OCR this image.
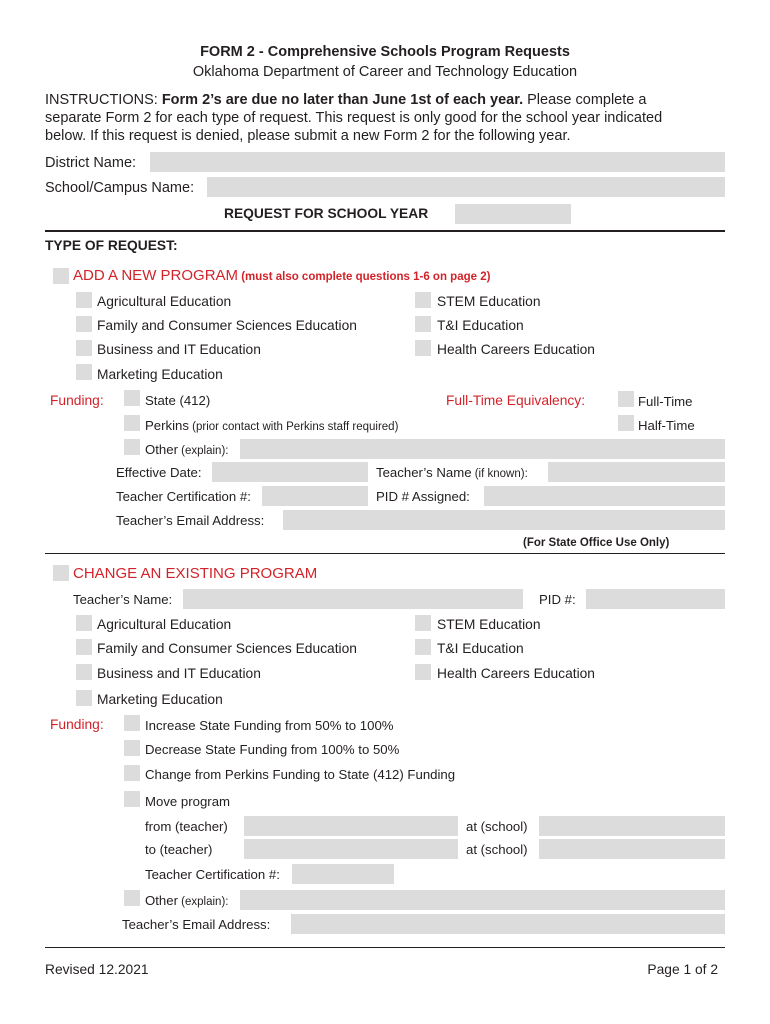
FORM 2 - Comprehensive Schools Program Requests
Oklahoma Department of Career and Technology Education
INSTRUCTIONS: Form 2’s are due no later than June 1st of each year. Please complete a
separate Form 2 for each type of request. This request is only good for the school year indicated
below. If this request is denied, please submit a new Form 2 for the following year.
District Name:
School/Campus Name:
REQUEST FOR SCHOOL YEAR
TYPE OF REQUEST:
ADD A NEW PROGRAM (must also complete questions 1-6 on page 2)
Agricultural Education
Family and Consumer Sciences Education
Business and IT Education
Marketing Education
STEM Education
T&I Education
Health Careers Education
Funding:	State (412)
Perkins (prior contact with Perkins staff required)
Other (explain):
Full-Time Equivalency:	Full-Time
Half-Time
Effective Date:	Teacher’s Name (if known):
Teacher Certification #:	PID # Assigned:
Teacher’s Email Address:
(For State Office Use Only)
CHANGE AN EXISTING PROGRAM
Teacher’s Name:	PID #:
Agricultural Education
Family and Consumer Sciences Education
Business and IT Education
Marketing Education
STEM Education
T&I Education
Health Careers Education
Funding:	Increase State Funding from 50% to 100%
Decrease State Funding from 100% to 50%
Change from Perkins Funding to State (412) Funding
Move program
from (teacher)	at (school)
to (teacher)	at (school)
Teacher Certification #:
Other (explain):
Teacher’s Email Address:
Revised 12.2021	Page 1 of 2
